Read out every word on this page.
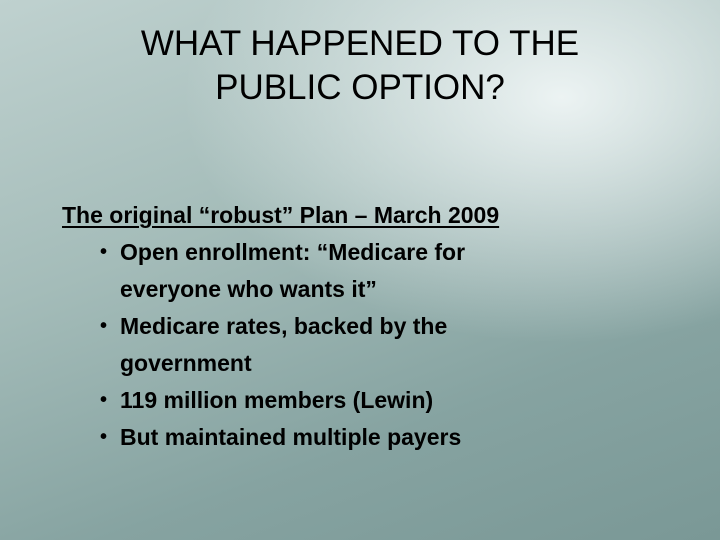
WHAT HAPPENED TO THE
PUBLIC OPTION?

The original “robust” Plan – March 2009

• Open enrollment: “Medicare for everyone who wants it”
• Medicare rates, backed by the government
• 119 million members (Lewin)
• But maintained multiple payers
